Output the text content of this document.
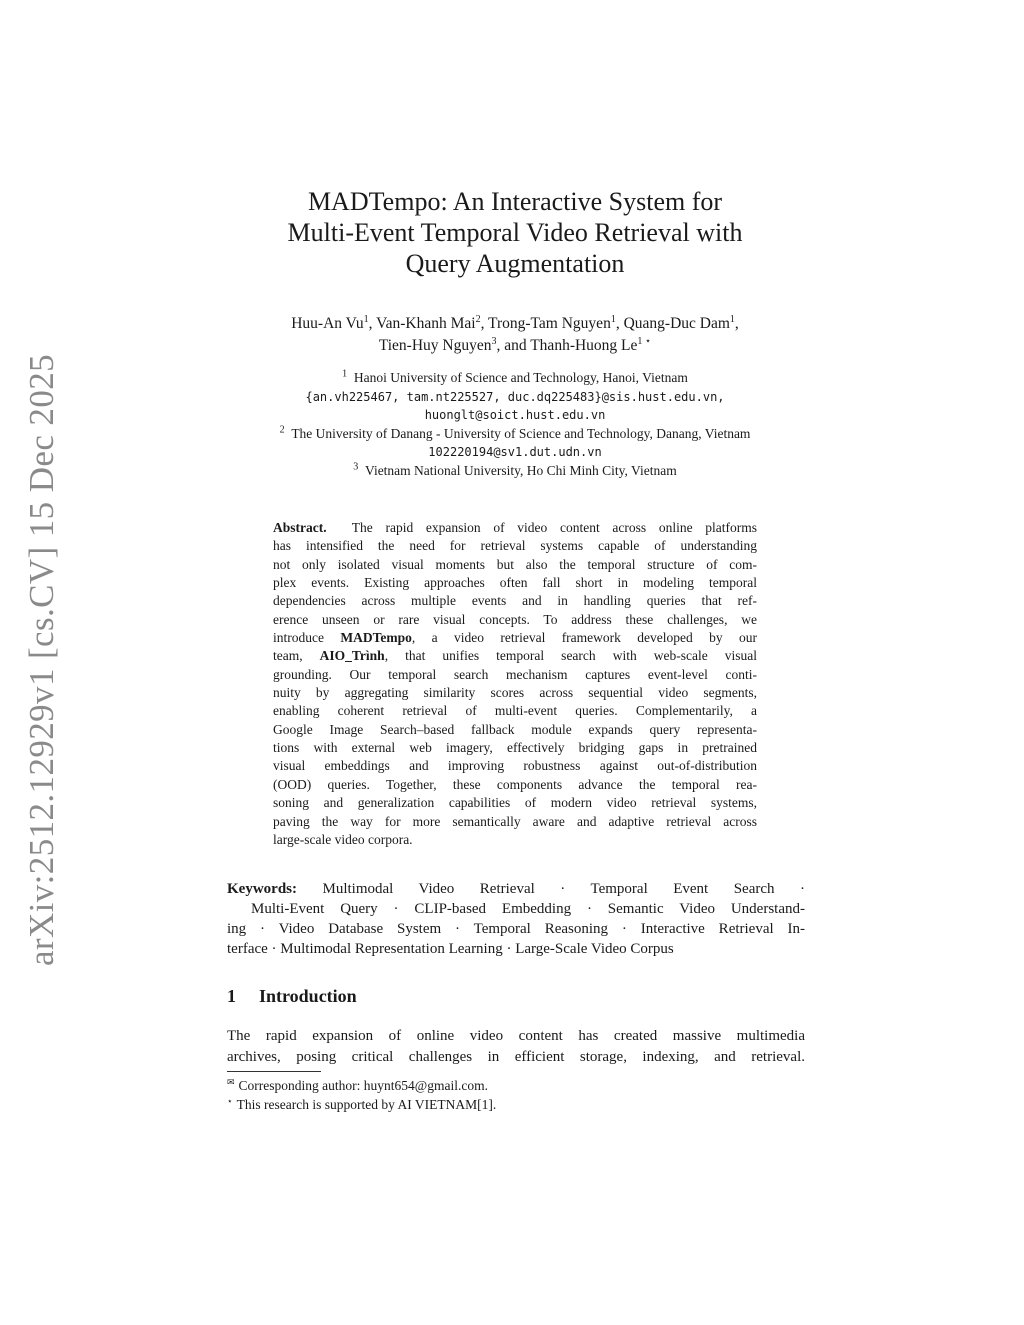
arXiv:2512.12929v1 [cs.CV] 15 Dec 2025
MADTempo: An Interactive System for
Multi-Event Temporal Video Retrieval with
Query Augmentation
Huu-An Vu$^1$, Van-Khanh Mai$^2$, Trong-Tam Nguyen$^1$, Quang-Duc Dam$^1$,
Tien-Huy Nguyen$^3$, and Thanh-Huong $Le^{1 ⋆}$
$^1$ Hanoi University of Science and Technology, Hanoi, Vietnam
{an.vh225467, tam.nt225527, duc.dq225483}@sis.hust.edu.vn,
huonglt@soict.hust.edu.vn
$^2$ The University of Danang - University of Science and Technology, Danang, Vietnam
102220194@sv1.dut.udn.vn
$^3$ Vietnam National University, Ho Chi Minh City, Vietnam
Abstract. The rapid expansion of video content across online platforms
has intensified the need for retrieval systems capable of understanding
not only isolated visual moments but also the temporal structure of com-
plex events. Existing approaches often fall short in modeling temporal
dependencies across multiple events and in handling queries that ref-
erence unseen or rare visual concepts. To address these challenges, we
introduce MADTempo, a video retrieval framework developed by our
team, AIO_Trình, that unifies temporal search with web-scale visual
grounding. Our temporal search mechanism captures event-level conti-
nuity by aggregating similarity scores across sequential video segments,
enabling coherent retrieval of multi-event queries. Complementarily, a
Google Image Search–based fallback module expands query representa-
tions with external web imagery, effectively bridging gaps in pretrained
visual embeddings and improving robustness against out-of-distribution
(OOD) queries. Together, these components advance the temporal rea-
soning and generalization capabilities of modern video retrieval systems,
paving the way for more semantically aware and adaptive retrieval across
large-scale video corpora.
Keywords: Multimodal Video Retrieval · Temporal Event Search ·
Multi-Event Query · CLIP-based Embedding · Semantic Video Understand-
ing · Video Database System · Temporal Reasoning · Interactive Retrieval In-
terface · Multimodal Representation Learning · Large-Scale Video Corpus
1 Introduction
The rapid expansion of online video content has created massive multimedia
archives, posing critical challenges in efficient storage, indexing, and retrieval.
✉ Corresponding author: huynt654@gmail.com.
⋆ This research is supported by AI VIETNAM[1].
